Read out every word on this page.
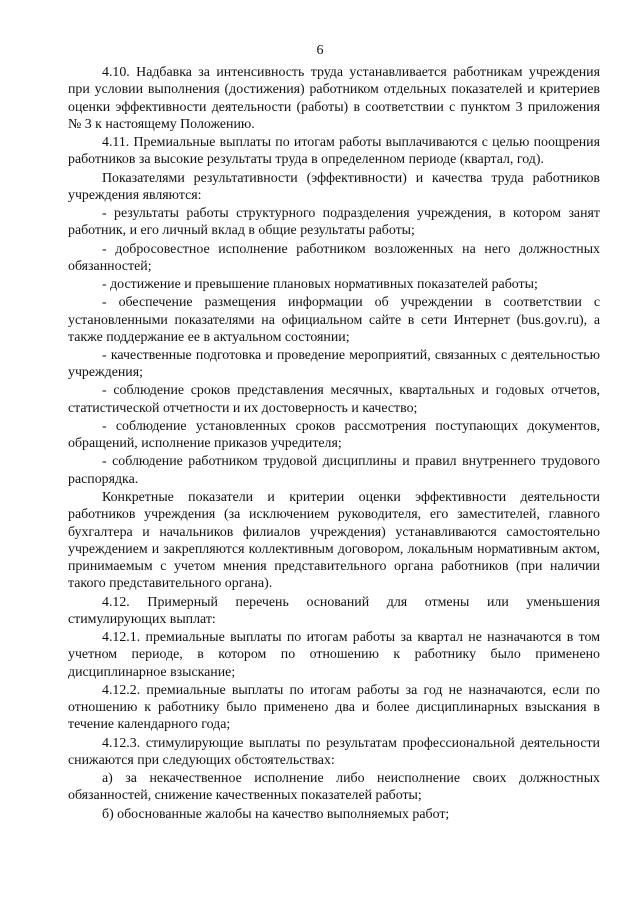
6

4.10. Надбавка за интенсивность труда устанавливается работникам учреждения при условии выполнения (достижения) работником отдельных показателей и критериев оценки эффективности деятельности (работы) в соответствии с пунктом 3 приложения № 3 к настоящему Положению.

4.11. Премиальные выплаты по итогам работы выплачиваются с целью поощрения работников за высокие результаты труда в определенном периоде (квартал, год).

Показателями результативности (эффективности) и качества труда работников учреждения являются:

- результаты работы структурного подразделения учреждения, в котором занят работник, и его личный вклад в общие результаты работы;

- добросовестное исполнение работником возложенных на него должностных обязанностей;

- достижение и превышение плановых нормативных показателей работы;

- обеспечение размещения информации об учреждении в соответствии с установленными показателями на официальном сайте в сети Интернет (bus.gov.ru), а также поддержание ее в актуальном состоянии;

- качественные подготовка и проведение мероприятий, связанных с деятельностью учреждения;

- соблюдение сроков представления месячных, квартальных и годовых отчетов, статистической отчетности и их достоверность и качество;

- соблюдение установленных сроков рассмотрения поступающих документов, обращений, исполнение приказов учредителя;

- соблюдение работником трудовой дисциплины и правил внутреннего трудового распорядка.

Конкретные показатели и критерии оценки эффективности деятельности работников учреждения (за исключением руководителя, его заместителей, главного бухгалтера и начальников филиалов учреждения) устанавливаются самостоятельно учреждением и закрепляются коллективным договором, локальным нормативным актом, принимаемым с учетом мнения представительного органа работников (при наличии такого представительного органа).

4.12. Примерный перечень оснований для отмены или уменьшения стимулирующих выплат:

4.12.1. премиальные выплаты по итогам работы за квартал не назначаются в том учетном периоде, в котором по отношению к работнику было применено дисциплинарное взыскание;

4.12.2. премиальные выплаты по итогам работы за год не назначаются, если по отношению к работнику было применено два и более дисциплинарных взыскания в течение календарного года;

4.12.3. стимулирующие выплаты по результатам профессиональной деятельности снижаются при следующих обстоятельствах:

а) за некачественное исполнение либо неисполнение своих должностных обязанностей, снижение качественных показателей работы;

б) обоснованные жалобы на качество выполняемых работ;
